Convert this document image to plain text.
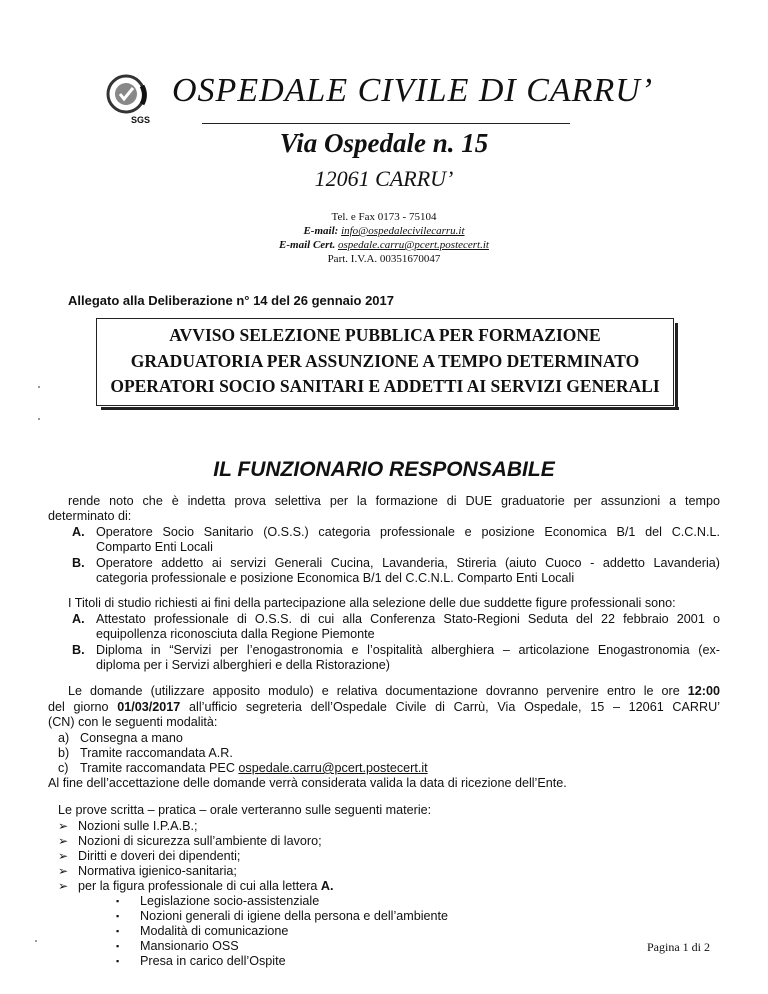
SGS
OSPEDALE CIVILE DI CARRU’
Via Ospedale n. 15
12061 CARRU’
Tel. e Fax 0173 - 75104
E-mail: info@ospedalecivilecarru.it
E-mail Cert. ospedale.carru@pcert.postecert.it
Part. I.V.A. 00351670047
Allegato alla Deliberazione n° 14 del 26 gennaio 2017
AVVISO SELEZIONE PUBBLICA PER FORMAZIONE
GRADUATORIA PER ASSUNZIONE A TEMPO DETERMINATO
OPERATORI SOCIO SANITARI E ADDETTI AI SERVIZI GENERALI
IL FUNZIONARIO RESPONSABILE
rende noto che è indetta prova selettiva per la formazione di DUE graduatorie per assunzioni a tempo
determinato di:
A. Operatore Socio Sanitario (O.S.S.) categoria professionale e posizione Economica B/1 del C.C.N.L.
Comparto Enti Locali
B. Operatore addetto ai servizi Generali Cucina, Lavanderia, Stireria (aiuto Cuoco - addetto Lavanderia)
categoria professionale e posizione Economica B/1 del C.C.N.L. Comparto Enti Locali
I Titoli di studio richiesti ai fini della partecipazione alla selezione delle due suddette figure professionali sono:
A. Attestato professionale di O.S.S. di cui alla Conferenza Stato-Regioni Seduta del 22 febbraio 2001 o
equipollenza riconosciuta dalla Regione Piemonte
B. Diploma in “Servizi per l’enogastronomia e l’ospitalità alberghiera – articolazione Enogastronomia (ex-
diploma per i Servizi alberghieri e della Ristorazione)
Le domande (utilizzare apposito modulo) e relativa documentazione dovranno pervenire entro le ore 12:00
del giorno 01/03/2017 all’ufficio segreteria dell’Ospedale Civile di Carrù, Via Ospedale, 15 – 12061 CARRU’
(CN) con le seguenti modalità:
a) Consegna a mano
b) Tramite raccomandata A.R.
c) Tramite raccomandata PEC ospedale.carru@pcert.postecert.it
Al fine dell’accettazione delle domande verrà considerata valida la data di ricezione dell’Ente.
Le prove scritta – pratica – orale verteranno sulle seguenti materie:
➢ Nozioni sulle I.P.A.B.;
➢ Nozioni di sicurezza sull’ambiente di lavoro;
➢ Diritti e doveri dei dipendenti;
➢ Normativa igienico-sanitaria;
➢ per la figura professionale di cui alla lettera A.
▪ Legislazione socio-assistenziale
▪ Nozioni generali di igiene della persona e dell’ambiente
▪ Modalità di comunicazione
▪ Mansionario OSS
▪ Presa in carico dell’Ospite
Pagina 1 di 2
